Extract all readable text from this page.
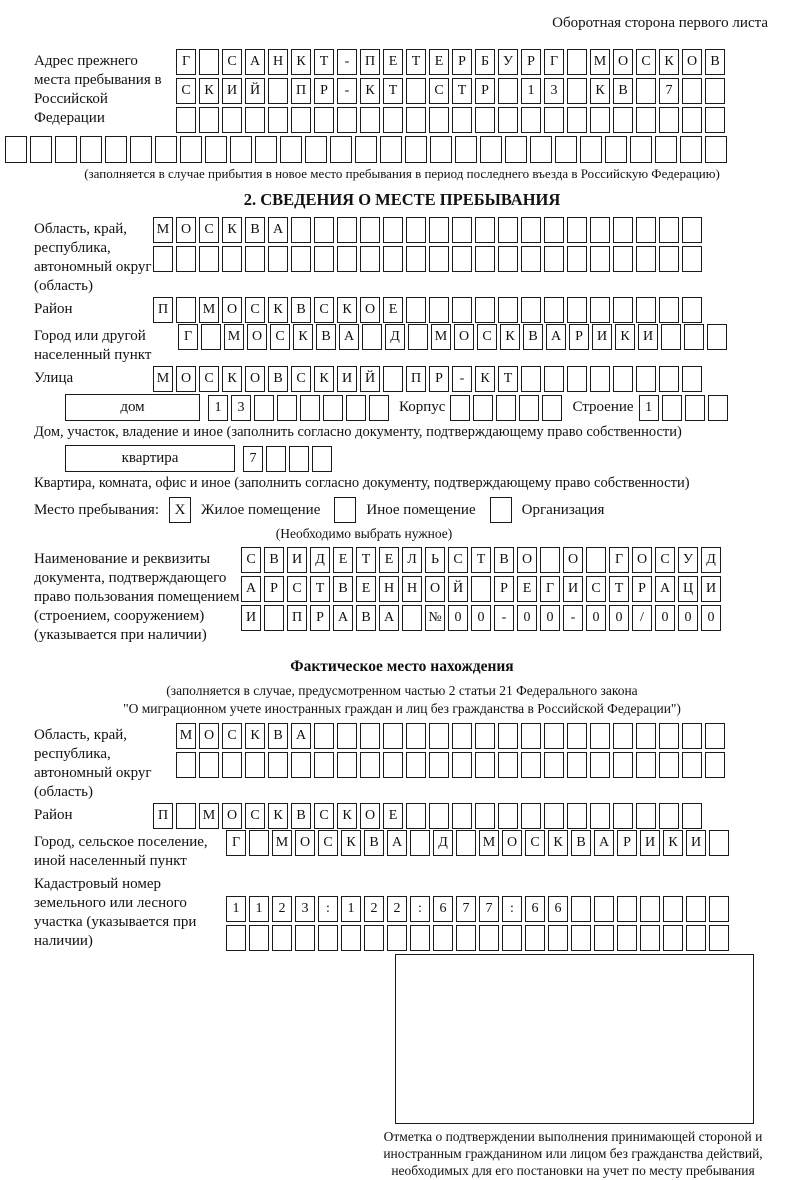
Оборотная сторона первого листа
Адрес прежнего места пребывания в Российской Федерации
Г	С А Н К	Т	-	П Е	Т	Е	Р	Б	У	Р	Г	М О С К О В
С К И Й	П	Р	-	К	Т	С	Т	Р	1	3	К В	7
(заполняется в случае прибытия в новое место пребывания в период последнего въезда в Российскую Федерацию)
2. СВЕДЕНИЯ О МЕСТЕ ПРЕБЫВАНИЯ
Область, край, республика, автономный округ (область)
М О С К В А
Район	П	М О С К В С К О Е
Город или другой населенный пункт
Г	М О С К В А	Д	М О С К В А	Р	И К И
Улица	М О С К О В С К И Й	П	Р	-	К	Т
дом	1	3	Корпус	Строение 1
Дом, участок, владение и иное (заполнить согласно документу, подтверждающему право собственности)
квартира	7
Квартира, комната, офис и иное (заполнить согласно документу, подтверждающему право собственности)
Место пребывания:	X	Жилое помещение	Иное помещение	Организация
(Необходимо выбрать нужное)
Наименование и реквизиты документа, подтверждающего право пользования помещением (строением, сооружением) (указывается при наличии)
С В И Д Е	Т	Е Л	Ь	С	Т	В О	О	Г О С У Д
А	Р	С	Т	В	Е Н Н О Й	Р	Е	Г И С	Т	Р	А Ц И
И	П	Р	А В А	№ 0	0	-	0	0	-	0	0	/	0	0	0
Фактическое место нахождения
(заполняется в случае, предусмотренном частью 2 статьи 21 Федерального закона
"О миграционном учете иностранных граждан и лиц без гражданства в Российской Федерации")
Область, край, республика, автономный округ (область)
М О С К В А
Район	П	М О С К В С К О Е
Город, сельское поселение, иной населенный пункт
Г	М О С К В А	Д	М О С К В А	Р	И К И
Кадастровый номер земельного или лесного участка (указывается при наличии)
1	1	2	3	:	1	2	2	:	6	7	7	:	6	6
Отметка о подтверждении выполнения принимающей стороной и иностранным гражданином или лицом без гражданства действий, необходимых для его постановки на учет по месту пребывания
